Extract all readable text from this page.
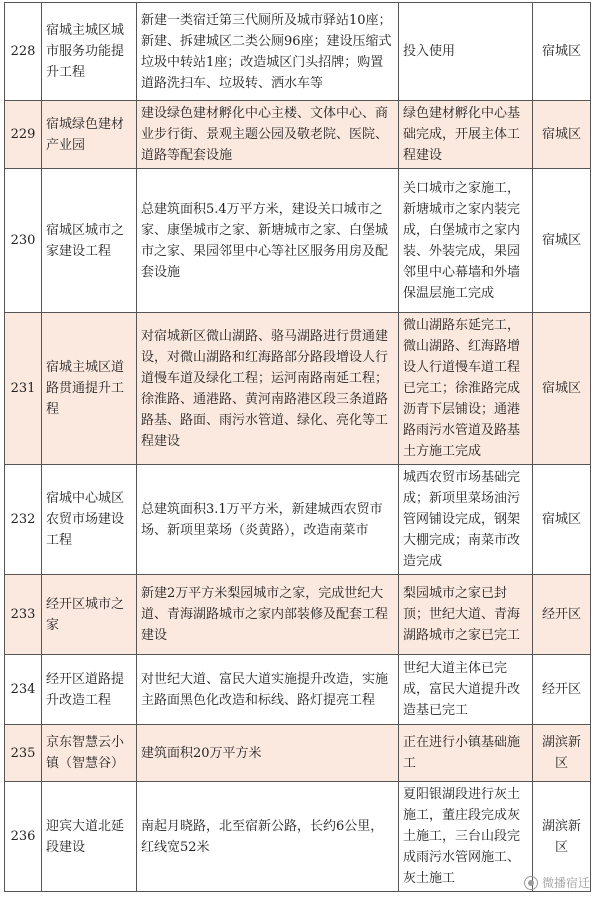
228	宿城主城区城市服务功能提升工程	新建一类宿迁第三代厕所及城市驿站10座；新建、拆建城区二类公厕96座；建设压缩式垃圾中转站1座；改造城区门头招牌；购置道路洗扫车、垃圾转、洒水车等	投入使用	宿城区
229	宿城绿色建材产业园	建设绿色建材孵化中心主楼、文体中心、商业步行街、景观主题公园及敬老院、医院、道路等配套设施	绿色建材孵化中心基础完成，开展主体工程建设	宿城区
230	宿城区城市之家建设工程	总建筑面积5.4万平方米，建设关口城市之家、康堡城市之家、新塘城市之家、白堡城市之家、果园邻里中心等社区服务用房及配套设施	关口城市之家施工，新塘城市之家内装完成，白堡城市之家内装、外装完成，果园邻里中心幕墙和外墙保温层施工完成	宿城区
231	宿城主城区道路贯通提升工程	对宿城新区微山湖路、骆马湖路进行贯通建设，对微山湖路和红海路部分路段增设人行道慢车道及绿化工程；运河南路南延工程；徐淮路、通港路、黄河南路港区段三条道路路基、路面、雨污水管道、绿化、亮化等工程建设	微山湖路东延完工，微山湖路、红海路增设人行道慢车道工程已完工；徐淮路完成沥青下层铺设；通港路雨污水管道及路基土方施工完成	宿城区
232	宿城中心城区农贸市场建设工程	总建筑面积3.1万平方米，新建城西农贸市场、新项里菜场（炎黄路），改造南菜市	城西农贸市场基础完成；新项里菜场油污管网铺设完成，钢架大棚完成；南菜市改造完成	宿城区
233	经开区城市之家	新建2万平方米梨园城市之家，完成世纪大道、青海湖路城市之家内部装修及配套工程建设	梨园城市之家已封顶；世纪大道、青海湖路城市之家已完工	经开区
234	经开区道路提升改造工程	对世纪大道、富民大道实施提升改造，实施主路面黑色化改造和标线、路灯提亮工程	世纪大道主体已完成，富民大道提升改造基已完工	经开区
235	京东智慧云小镇（智慧谷）	建筑面积20万平方米	正在进行小镇基础施工	湖滨新区
236	迎宾大道北延段建设	南起月晓路，北至宿新公路，长约6公里，红线宽52米	夏阳银湖段进行灰土施工，董庄段完成灰土施工，三台山段完成雨污水管网施工、灰土施工	湖滨新区
微播宿迁
